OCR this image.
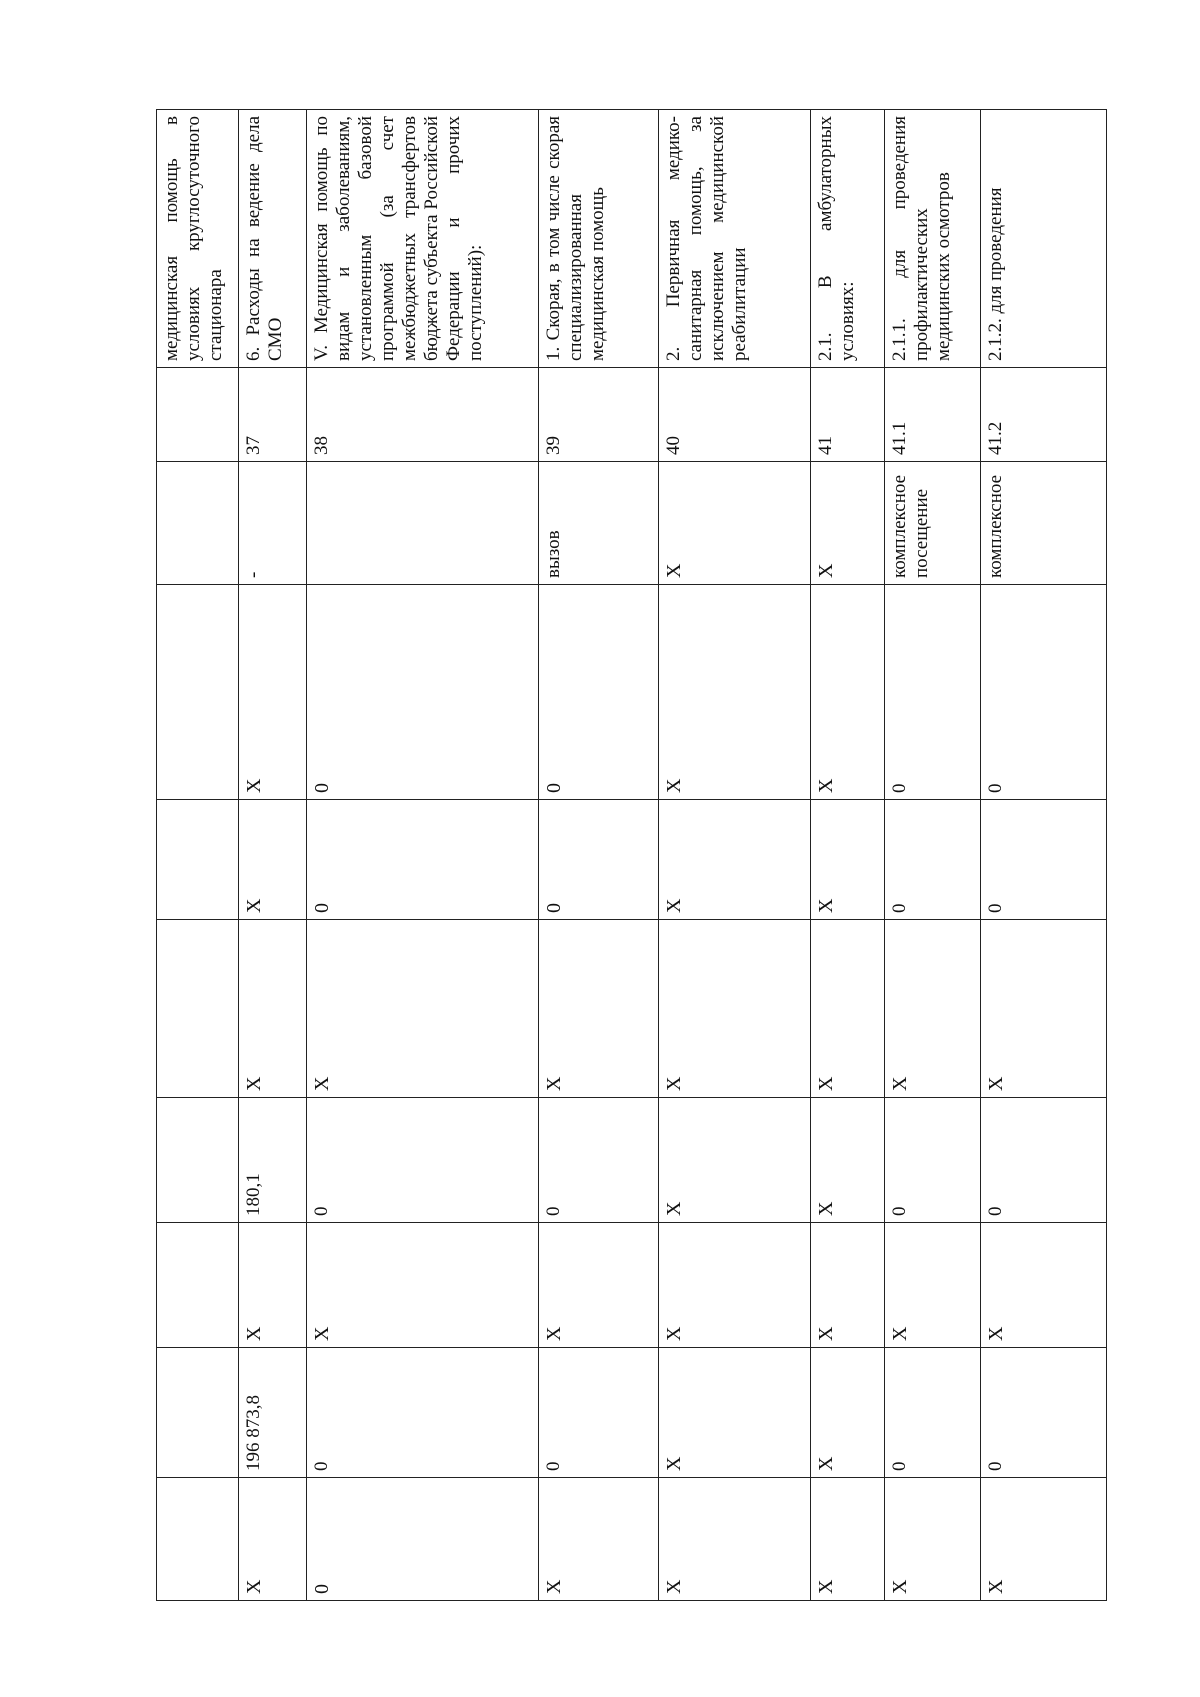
									медицинская помощь в условиях круглосуточного стационара
X	196 873,8	X	180,1	X	X	X	-	37	6. Расходы на ведение дела СМО
0	0	X	0	X	0	0		38	V. Медицинская помощь по видам и заболеваниям, установленным базовой программой (за счет межбюджетных трансфертов бюджета субъекта Российской Федерации и прочих поступлений):
X	0	X	0	X	0	0	вызов	39	1. Скорая, в том числе скорая специализированная медицинская помощь
X	X	X	X	X	X	X	X	40	2. Первичная медико-санитарная помощь, за исключением медицинской реабилитации
X	X	X	X	X	X	X	X	41	2.1. В амбулаторных условиях:
X	0	X	0	X	0	0	комплексное посещение	41.1	2.1.1. для проведения профилактических медицинских осмотров
X	0	X	0	X	0	0	комплексное	41.2	2.1.2. для проведения
